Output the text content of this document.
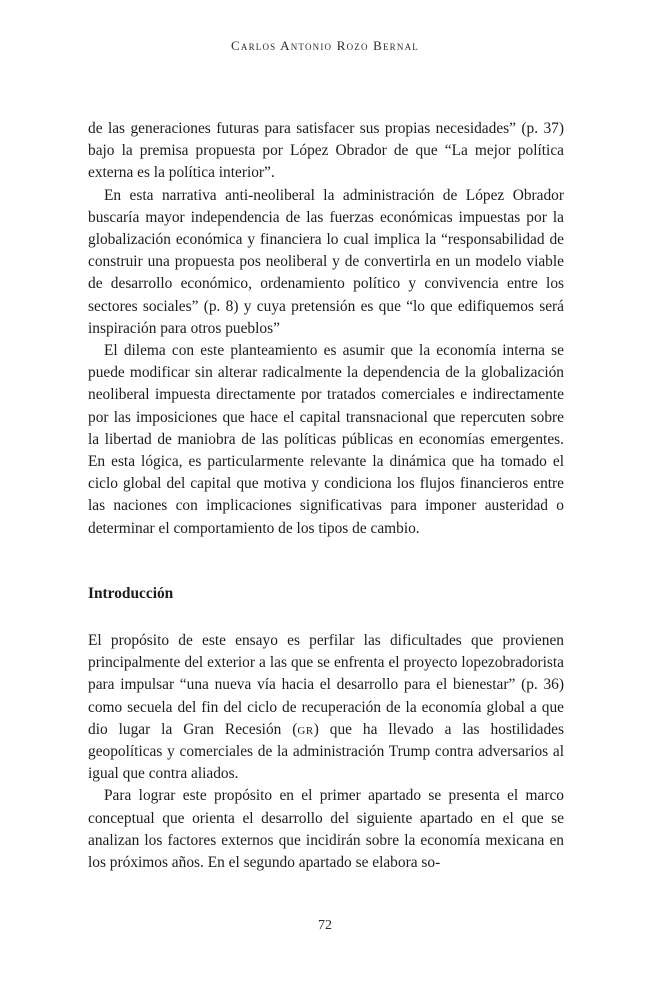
Carlos Antonio Rozo Bernal

de las generaciones futuras para satisfacer sus propias necesidades” (p. 37) bajo la premisa propuesta por López Obrador de que “La mejor política externa es la política interior”.

En esta narrativa anti-neoliberal la administración de López Obrador buscaría mayor independencia de las fuerzas económicas impuestas por la globalización económica y financiera lo cual implica la “responsabilidad de construir una propuesta pos neoliberal y de convertirla en un modelo viable de desarrollo económico, ordenamiento político y convivencia entre los sectores sociales” (p. 8) y cuya pretensión es que “lo que edifiquemos será inspiración para otros pueblos”

El dilema con este planteamiento es asumir que la economía interna se puede modificar sin alterar radicalmente la dependencia de la globalización neoliberal impuesta directamente por tratados comerciales e indirectamente por las imposiciones que hace el capital transnacional que repercuten sobre la libertad de maniobra de las políticas públicas en economías emergentes. En esta lógica, es particularmente relevante la dinámica que ha tomado el ciclo global del capital que motiva y condiciona los flujos financieros entre las naciones con implicaciones significativas para imponer austeridad o determinar el comportamiento de los tipos de cambio.

Introducción

El propósito de este ensayo es perfilar las dificultades que provienen principalmente del exterior a las que se enfrenta el proyecto lopezobradorista para impulsar “una nueva vía hacia el desarrollo para el bienestar” (p. 36) como secuela del fin del ciclo de recuperación de la economía global a que dio lugar la Gran Recesión (gr) que ha llevado a las hostilidades geopolíticas y comerciales de la administración Trump contra adversarios al igual que contra aliados.

Para lograr este propósito en el primer apartado se presenta el marco conceptual que orienta el desarrollo del siguiente apartado en el que se analizan los factores externos que incidirán sobre la economía mexicana en los próximos años. En el segundo apartado se elabora so-

72
